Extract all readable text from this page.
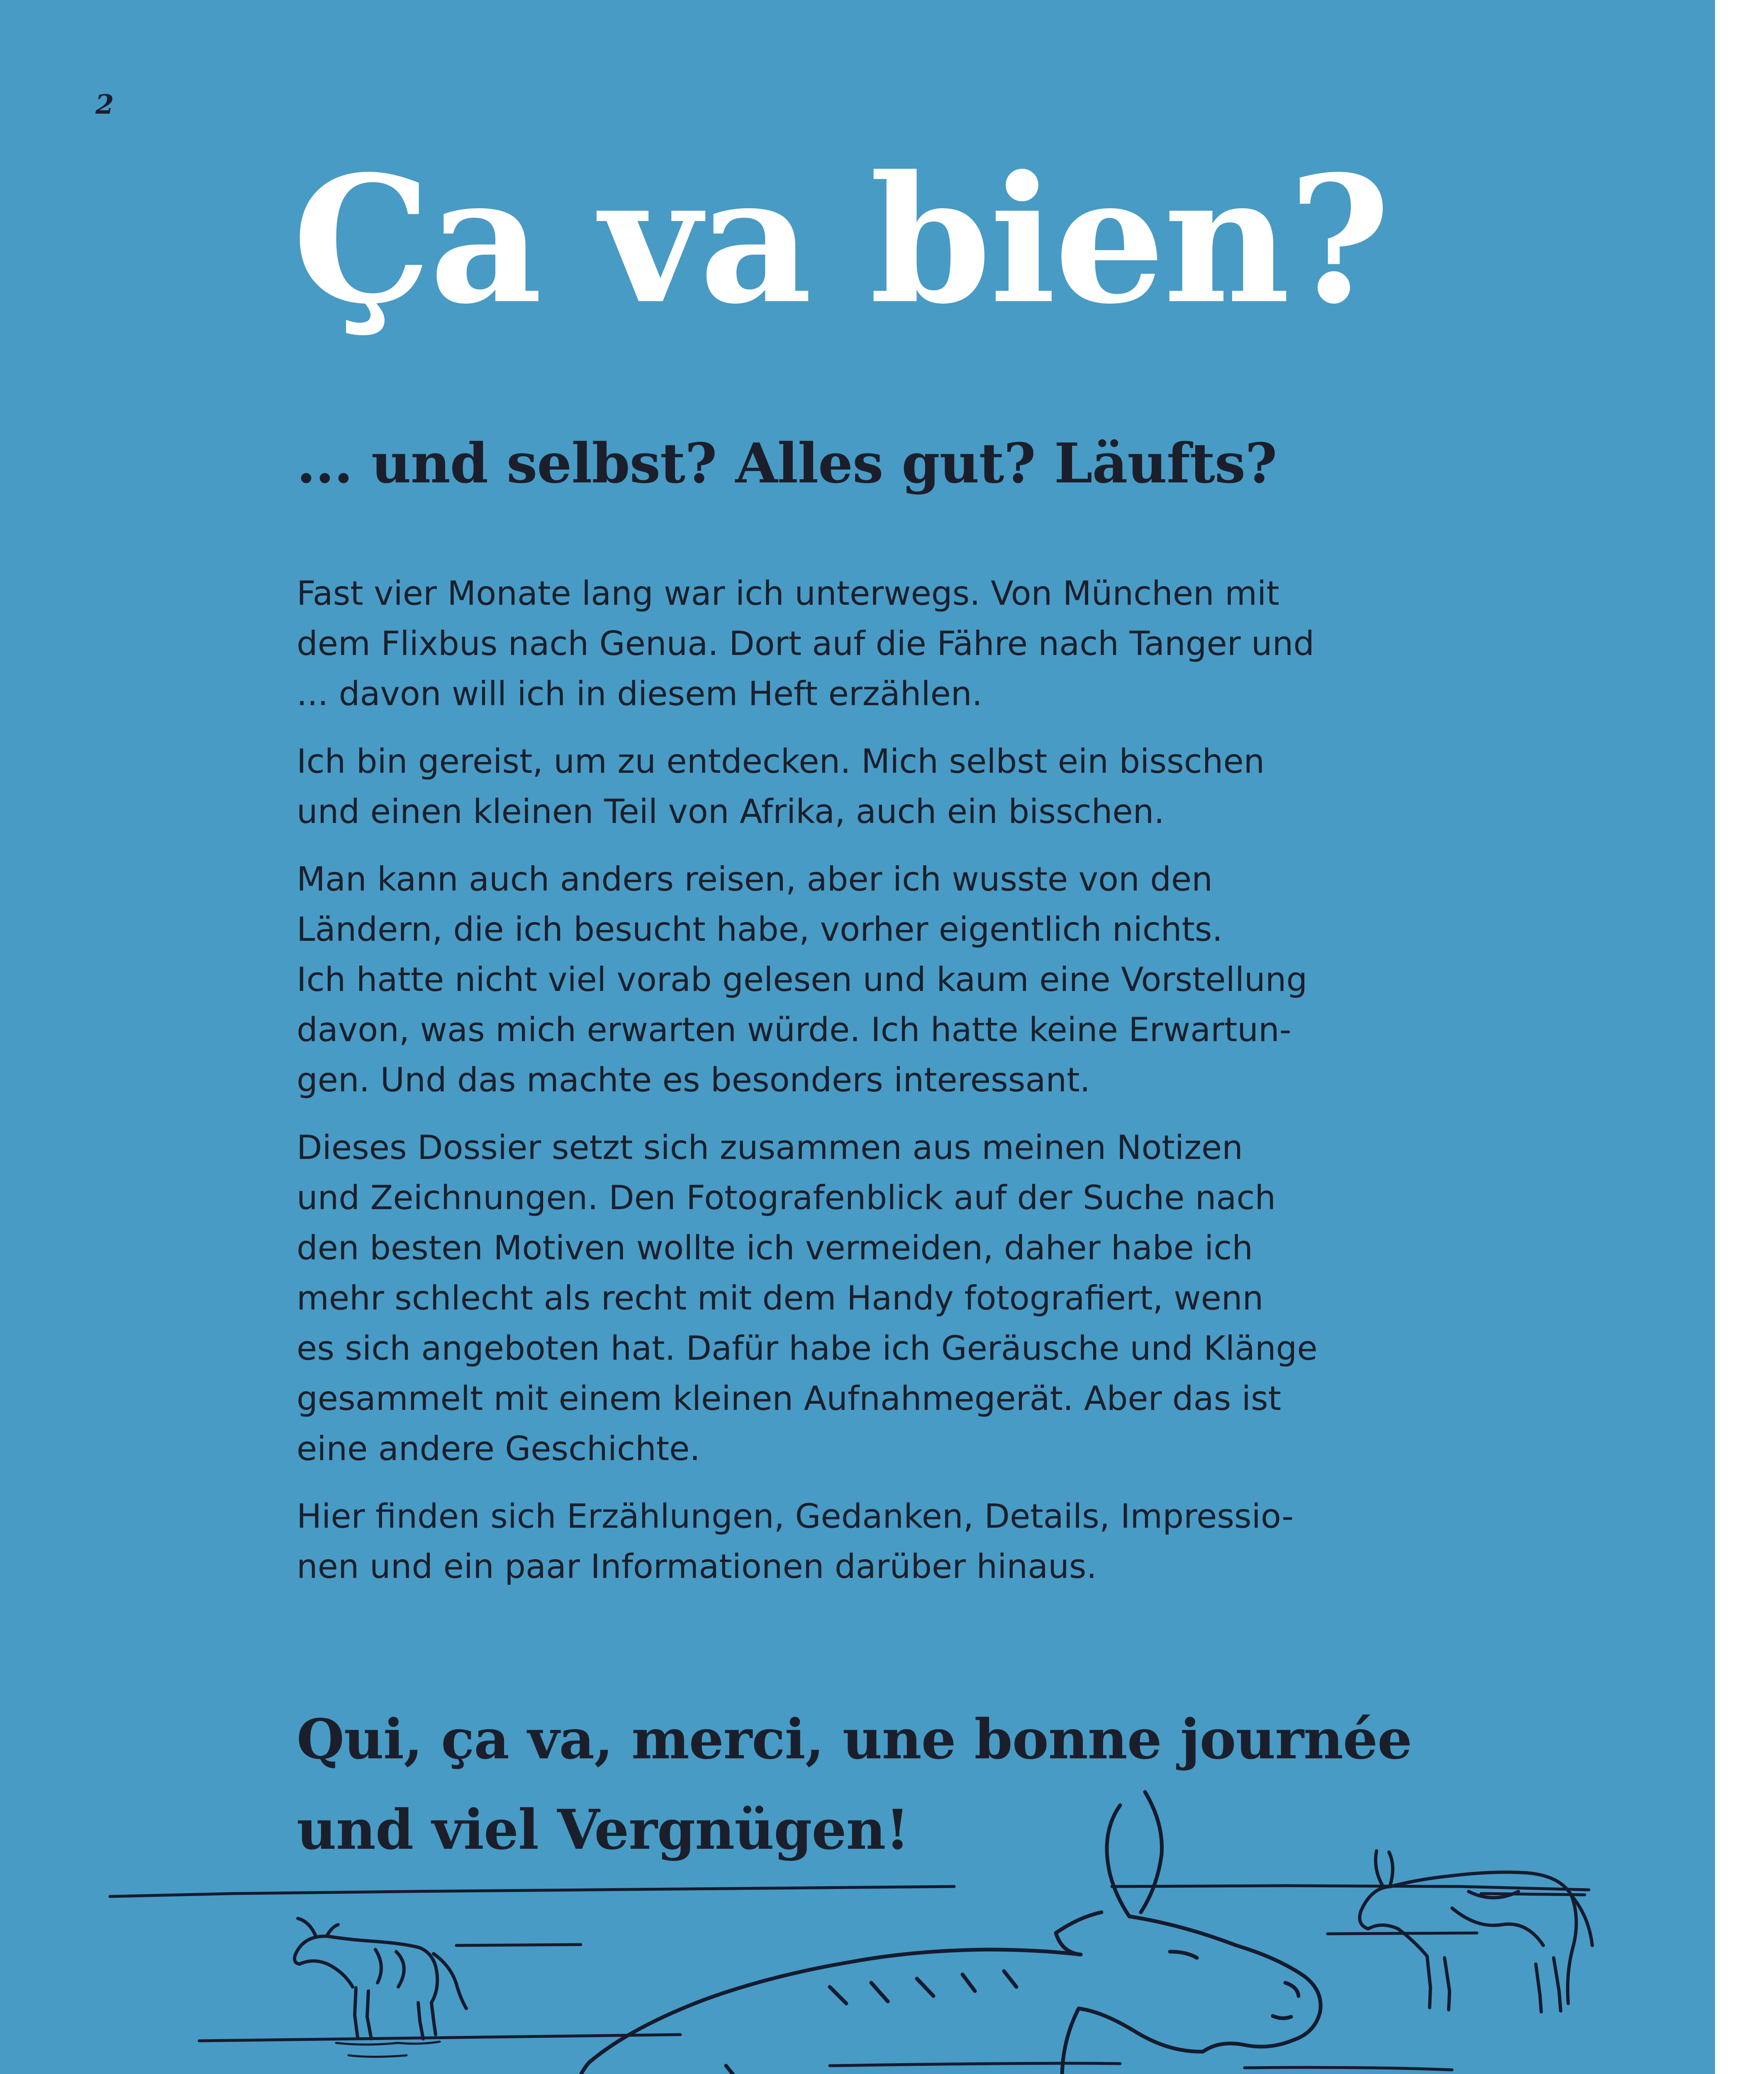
2
Ça va bien?
... und selbst? Alles gut? Läufts?

Fast vier Monate lang war ich unterwegs. Von München mit
dem Flixbus nach Genua. Dort auf die Fähre nach Tanger und
... davon will ich in diesem Heft erzählen.

Ich bin gereist, um zu entdecken. Mich selbst ein bisschen
und einen kleinen Teil von Afrika, auch ein bisschen.

Man kann auch anders reisen, aber ich wusste von den
Ländern, die ich besucht habe, vorher eigentlich nichts.
Ich hatte nicht viel vorab gelesen und kaum eine Vorstellung
davon, was mich erwarten würde. Ich hatte keine Erwartun-
gen. Und das machte es besonders interessant.

Dieses Dossier setzt sich zusammen aus meinen Notizen
und Zeichnungen. Den Fotografenblick auf der Suche nach
den besten Motiven wollte ich vermeiden, daher habe ich
mehr schlecht als recht mit dem Handy fotografiert, wenn
es sich angeboten hat. Dafür habe ich Geräusche und Klänge
gesammelt mit einem kleinen Aufnahmegerät. Aber das ist
eine andere Geschichte.

Hier finden sich Erzählungen, Gedanken, Details, Impressio-
nen und ein paar Informationen darüber hinaus.

Qui, ça va, merci, une bonne journée
und viel Vergnügen!
